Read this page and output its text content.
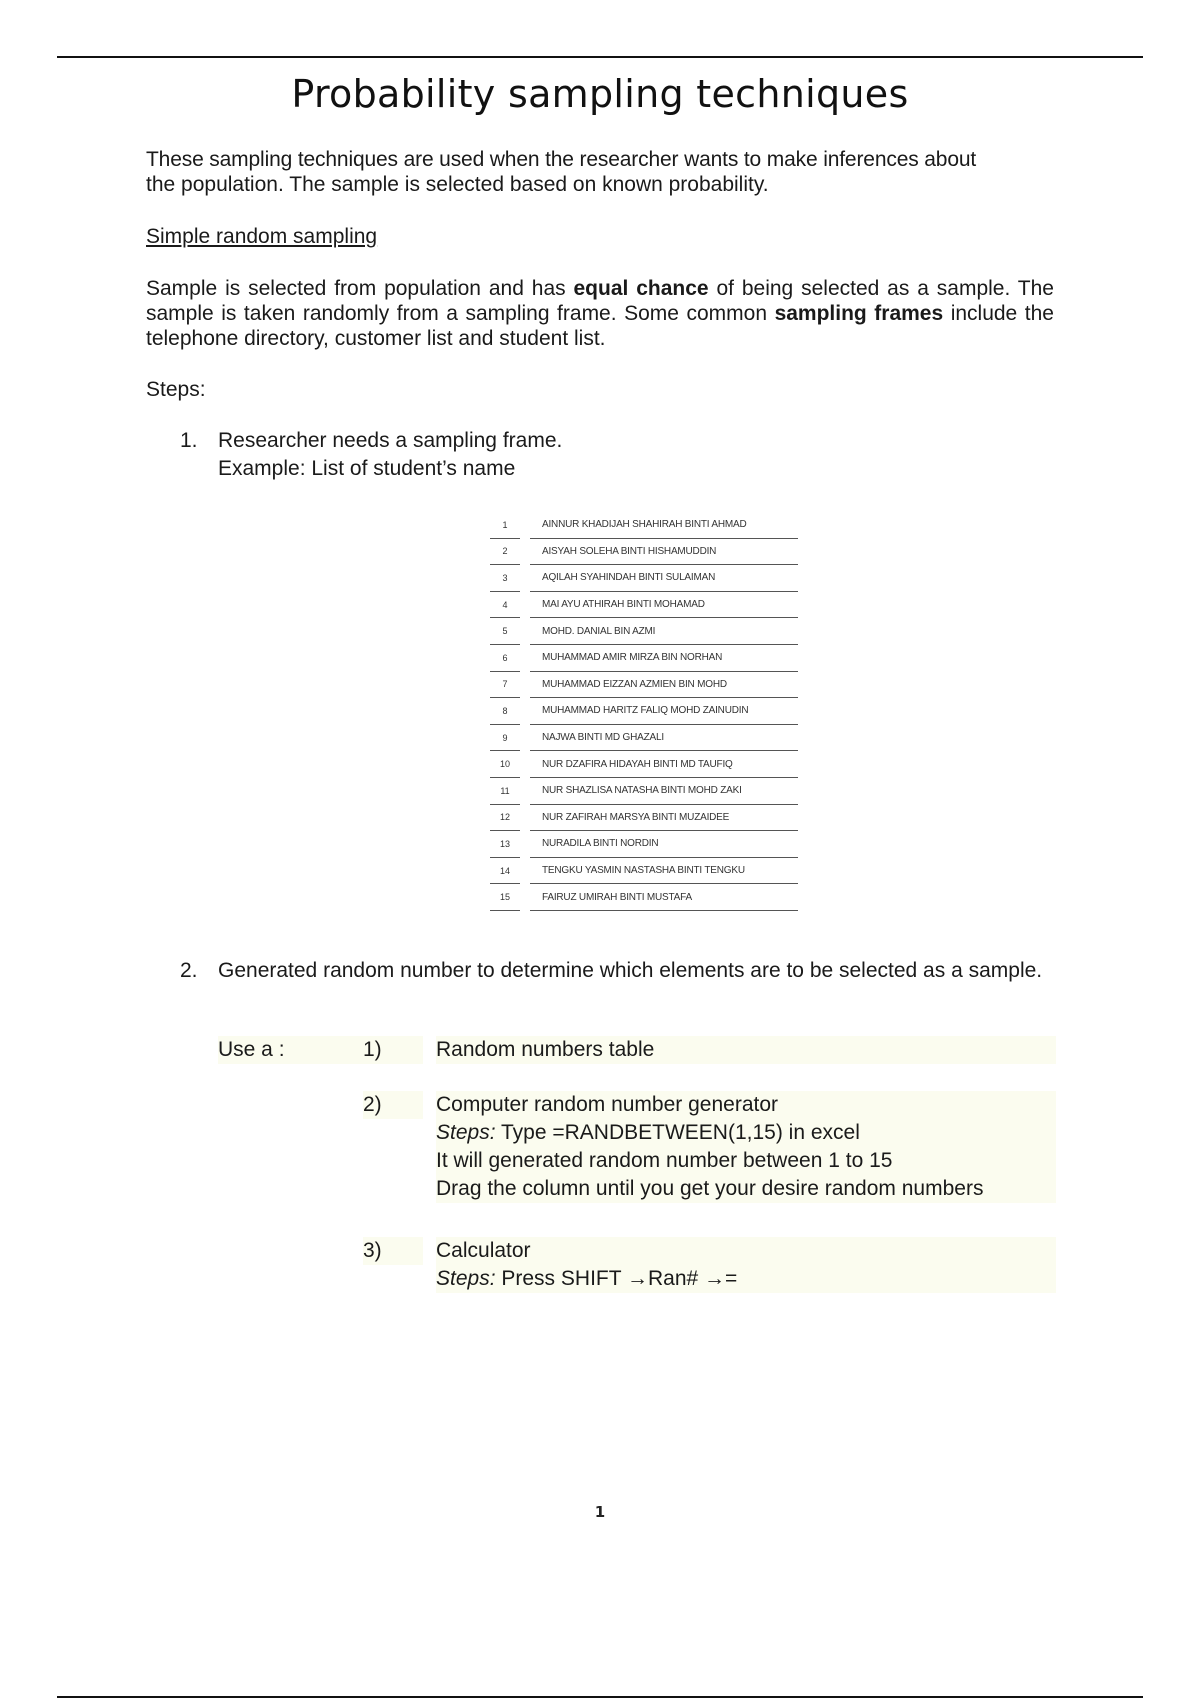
Probability sampling techniques
These sampling techniques are used when the researcher wants to make inferences about
the population. The sample is selected based on known probability.
Simple random sampling
Sample is selected from population and has equal chance of being selected as a sample. The sample is taken randomly from a sampling frame. Some common sampling frames include the telephone directory, customer list and student list.
Steps:
1. Researcher needs a sampling frame.
Example: List of student’s name
1		AINNUR KHADIJAH SHAHIRAH BINTI AHMAD
2		AISYAH SOLEHA BINTI HISHAMUDDIN
3		AQILAH SYAHINDAH BINTI SULAIMAN
4		MAI AYU ATHIRAH BINTI MOHAMAD
5		MOHD. DANIAL BIN AZMI
6		MUHAMMAD AMIR MIRZA BIN NORHAN
7		MUHAMMAD EIZZAN AZMIEN BIN MOHD
8		MUHAMMAD HARITZ FALIQ MOHD ZAINUDIN
9		NAJWA BINTI MD GHAZALI
10		NUR DZAFIRA HIDAYAH BINTI MD TAUFIQ
11		NUR SHAZLISA NATASHA BINTI MOHD ZAKI
12		NUR ZAFIRAH MARSYA BINTI MUZAIDEE
13		NURADILA BINTI NORDIN
14		TENGKU YASMIN NASTASHA BINTI TENGKU
15		FAIRUZ UMIRAH BINTI MUSTAFA
2. Generated random number to determine which elements are to be selected as a sample.
Use a :	1)	Random numbers table
2)	Computer random number generator
Steps: Type =RANDBETWEEN(1,15) in excel
It will generated random number between 1 to 15
Drag the column until you get your desire random numbers
3)	Calculator
Steps: Press SHIFT →Ran# →=
1
